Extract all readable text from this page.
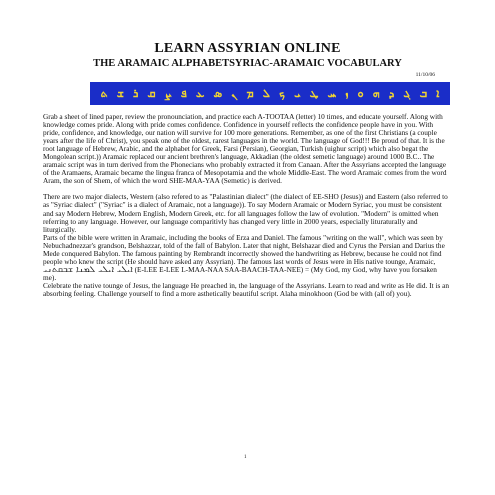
LEARN ASSYRIAN ONLINE
THE ARAMAIC ALPHABETSYRIAC-ARAMAIC VOCABULARY
11/10/06
ܬ ܫ ܪ ܩ ܨ ܦ ܥ ܣ ܢ ܡ ܠ ܟ ܝ ܛ ܚ ܙ ܘ ܗ ܕ ܓ ܒ ܐ

Grab a sheet of lined paper, review the pronounciation, and practice each A-TOOTAA (letter) 10 times, and educate yourself. Along with knowledge comes pride. Along with pride comes confidence. Confidence in yourself reflects the confidence people have in you. With pride, confidence, and knowledge, our nation will survive for 100 more generations. Remember, as one of the first Christians (a couple years after the life of Christ), you speak one of the oldest, rarest languages in the world. The language of God!!! Be proud of that. It is the root language of Hebrew, Arabic, and the alphabet for Greek, Farsi (Persian), Georgian, Turkish (uighur script) which also begat the Mongolean script.)) Aramaic replaced our ancient brethren's language, Akkadian (the oldest semetic language) around 1000 B.C.. The aramaic script was in turn derived from the Phonecians who probably extracted it from Canaan. After the Assyrians accepted the language of the Aramaens, Aramaic became the lingua franca of Mesopotamia and the whole Middle-East. The word Aramaic comes from the word Aram, the son of Shem, of which the word SHE-MAA-YAA (Semetic) is derived.

There are two major dialects, Western (also refered to as "Palastinian dialect" (the dialect of EE-SHO (Jesus)) and Eastern (also referred to as "Syriac dialect" ("Syriac" is a dialect of Aramaic, not a language)). To say Modern Aramaic or Modern Syriac, you must be consistent and say Modern Hebrew, Modern English, Modern Greek, etc. for all languages follow the law of evolution. "Modern" is omitted when referring to any language. However, our language comparitivly has changed very little in 2000 years, especially lituraturally and liturgically.

Parts of the bible were written in Aramaic, including the books of Erza and Daniel. The famous "writing on the wall", which was seen by Nebuchadnezzar's grandson, Belshazzar, told of the fall of Babylon. Later that night, Belshazar died and Cyrus the Persian and Darius the Mede conquered Babylon. The famous painting by Rembrandt incorrectly showed the handwriting as Hebrew, because he could not find people who knew the script (He should have asked any Assyrian). The famous last words of Jesus were in His native tounge, Aramaic, ܐܝܠܝ ܐܝܠܝ ܠܡܢܐ ܫܒܩܬܢܝ (E-LEE E-LEE L-MAA-NAA SAA-BAACH-TAA-NEE) = (My God, my God, why have you forsaken me).

Celebrate the native tounge of Jesus, the language He preached in, the language of the Assyrians. Learn to read and write as He did. It is an absorbing feeling. Challenge yourself to find a more asthetically beautiful script. Alaha minokhoon (God be with (all of) you).

1
